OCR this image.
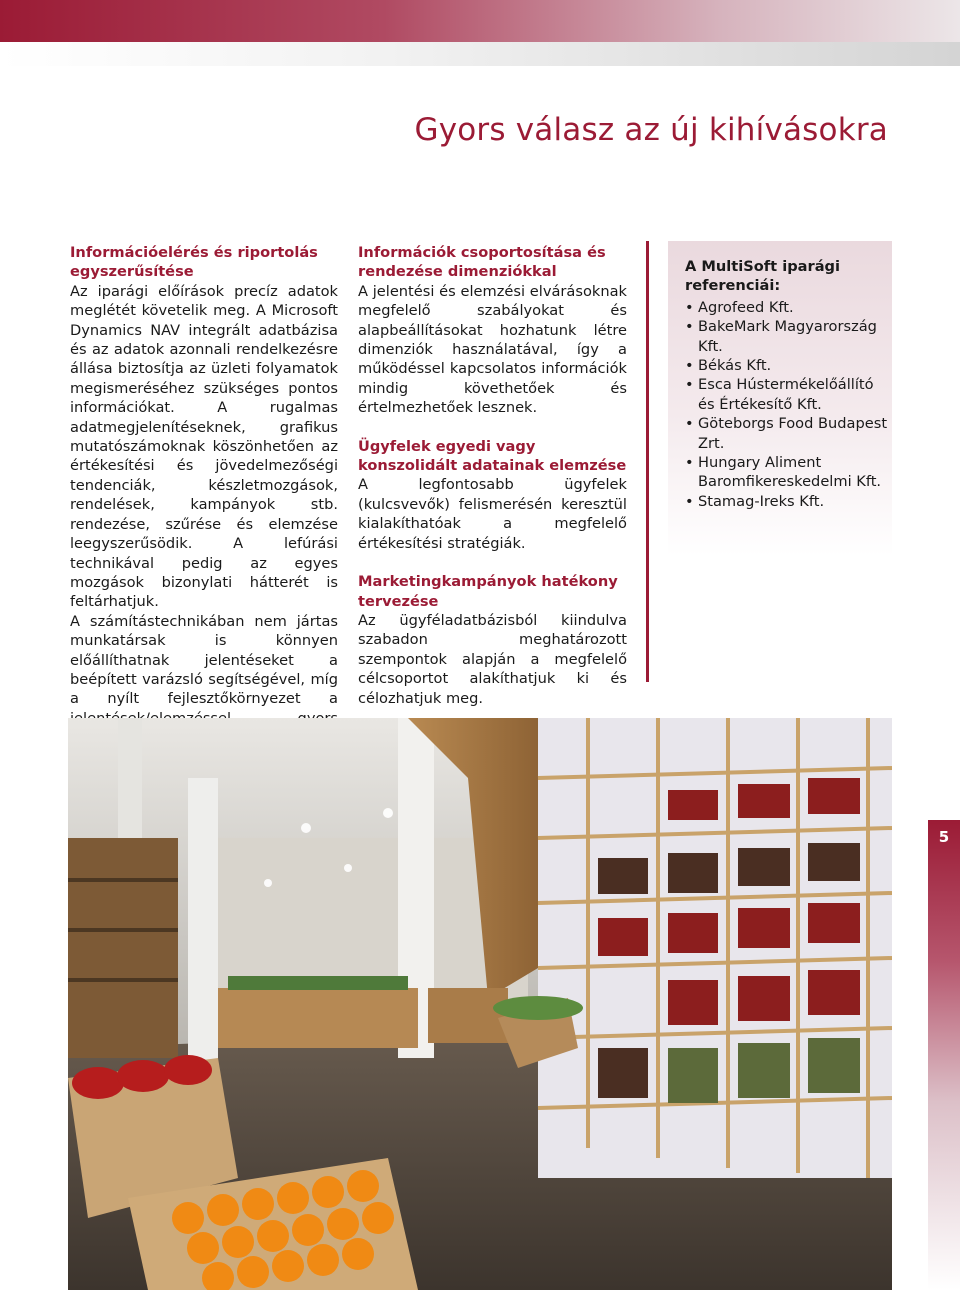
Gyors válasz az új kihívásokra
Információelérés és riportolás egyszerűsítése

Az iparági előírások precíz adatok meglétét követelik meg. A Microsoft Dynamics NAV integrált adatbázisa és az adatok azonnali rendelkezésre állása biztosítja az üzleti folyamatok megismeréséhez szükséges pontos információkat. A rugalmas adatmegjelenítéseknek, grafikus mutatószámoknak köszönhetően az értékesítési és jövedelmezőségi tendenciák, készletmozgások, rendelések, kampányok stb. rendezése, szűrése és elemzése leegyszerűsödik. A lefúrási technikával pedig az egyes mozgások bizonylati hátterét is feltárhatjuk.

A számítástechnikában nem jártas munkatársak is könnyen előállíthatnak jelentéseket a beépített varázsló segítségével, míg a nyílt fejlesztőkörnyezet a

Információk csoportosítása és rendezése dimenziókkal

A jelentési és elemzési elvárásoknak megfelelő szabályokat és alapbeállításokat hozhatunk létre dimenziók használatával, így a működéssel kapcsolatos információk mindig követhetőek és értelmezhetőek lesznek.

Ügyfelek egyedi vagy konszolidált adatainak elemzése

A legfontosabb ügyfelek (kulcsvevők) felismerésén keresztül kialakíthatóak a megfelelő értékesítési stratégiák.

Marketingkampányok hatékony tervezése

Az ügyféladatbázisból kiindulva szabadon meghatározott szempontok alapján a megfelelő célcsoportot alakíthatjuk ki és célozhatjuk meg.

A MultiSoft iparági referenciái:
• Agrofeed Kft.
• BakeMark Magyarország Kft.
• Békás Kft.
• Esca Hústermékelőállító és Értékesítő Kft.
• Göteborgs Food Budapest Zrt.
• Hungary Aliment Baromfikereskedelmi Kft.
• Stamag-Ireks Kft.
5
